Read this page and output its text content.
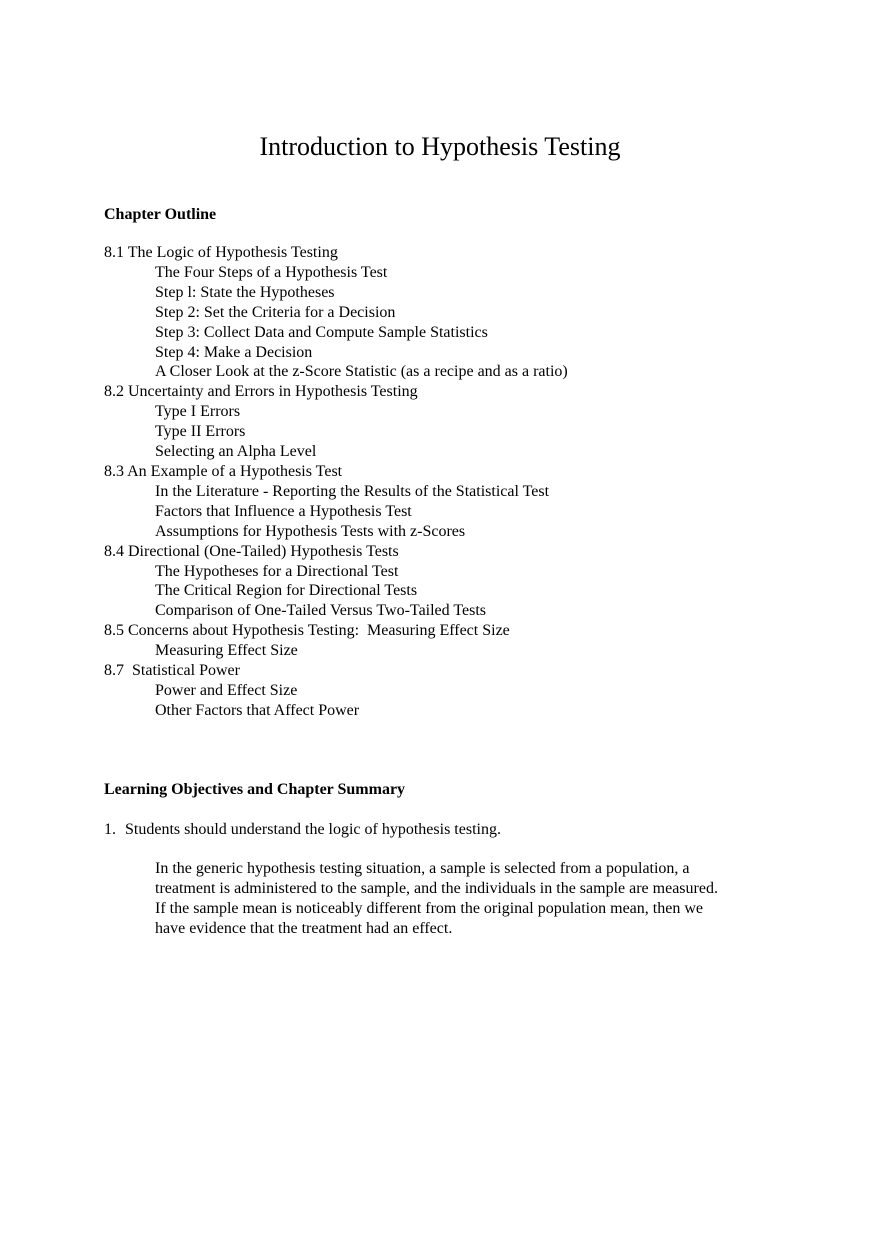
Introduction to Hypothesis Testing
Chapter Outline
8.1 The Logic of Hypothesis Testing
The Four Steps of a Hypothesis Test
Step l: State the Hypotheses
Step 2: Set the Criteria for a Decision
Step 3: Collect Data and Compute Sample Statistics
Step 4: Make a Decision
A Closer Look at the z-Score Statistic (as a recipe and as a ratio)
8.2 Uncertainty and Errors in Hypothesis Testing
Type I Errors
Type II Errors
Selecting an Alpha Level
8.3 An Example of a Hypothesis Test
In the Literature - Reporting the Results of the Statistical Test
Factors that Influence a Hypothesis Test
Assumptions for Hypothesis Tests with z-Scores
8.4 Directional (One-Tailed) Hypothesis Tests
The Hypotheses for a Directional Test
The Critical Region for Directional Tests
Comparison of One-Tailed Versus Two-Tailed Tests
8.5 Concerns about Hypothesis Testing:  Measuring Effect Size
Measuring Effect Size
8.7  Statistical Power
Power and Effect Size
Other Factors that Affect Power
Learning Objectives and Chapter Summary

1. Students should understand the logic of hypothesis testing.

In the generic hypothesis testing situation, a sample is selected from a population, a
treatment is administered to the sample, and the individuals in the sample are measured.
If the sample mean is noticeably different from the original population mean, then we
have evidence that the treatment had an effect.
